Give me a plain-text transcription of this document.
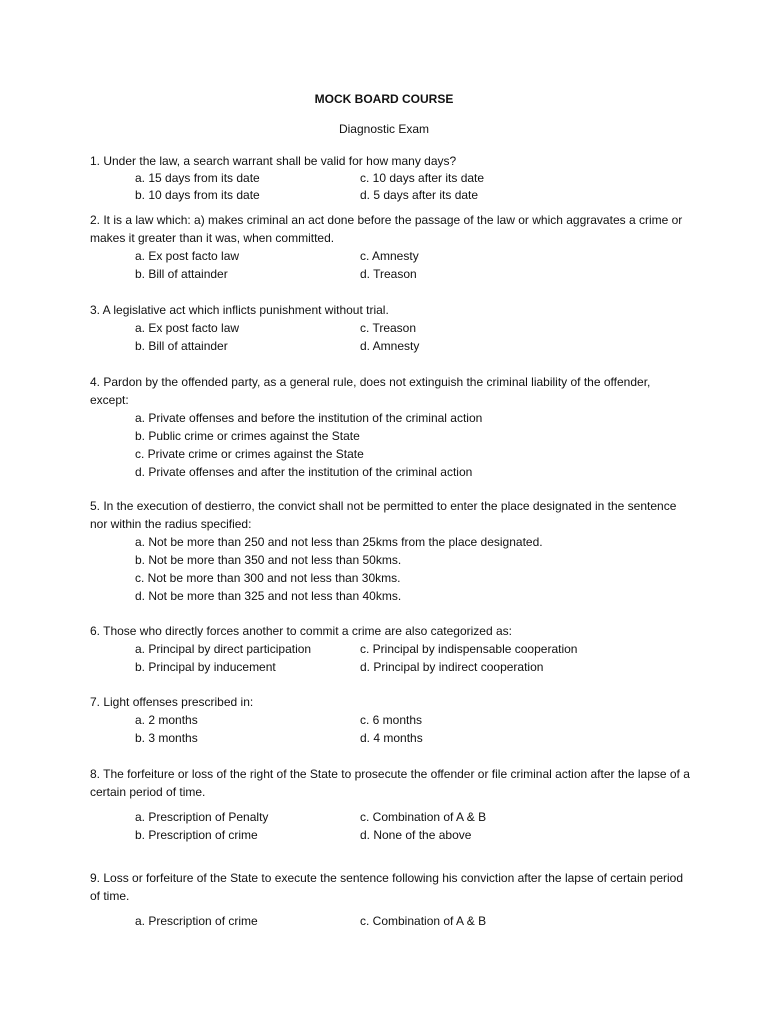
MOCK BOARD COURSE
Diagnostic Exam
1. Under the law, a search warrant shall be valid for how many days?
a. 15 days from its date	c. 10 days after its date
b. 10 days from its date	d. 5 days after its date
2. It is a law which: a) makes criminal an act done before the passage of the law or which aggravates a crime or makes it greater than it was, when committed.
a. Ex post facto law	c. Amnesty
b. Bill of attainder	d. Treason
3. A legislative act which inflicts punishment without trial.
a. Ex post facto law	c. Treason
b. Bill of attainder	d. Amnesty
4. Pardon by the offended party, as a general rule, does not extinguish the criminal liability of the offender, except:
a. Private offenses and before the institution of the criminal action
b. Public crime or crimes against the State
c. Private crime or crimes against the State
d. Private offenses and after the institution of the criminal action
5. In the execution of destierro, the convict shall not be permitted to enter the place designated in the sentence nor within the radius specified:
a. Not be more than 250 and not less than 25kms from the place designated.
b. Not be more than 350 and not less than 50kms.
c. Not be more than 300 and not less than 30kms.
d. Not be more than 325 and not less than 40kms.
6. Those who directly forces another to commit a crime are also categorized as:
a. Principal by direct participation	c. Principal by indispensable cooperation
b. Principal by inducement	d. Principal by indirect cooperation
7. Light offenses prescribed in:
a. 2 months	c. 6 months
b. 3 months	d. 4 months
8. The forfeiture or loss of the right of the State to prosecute the offender or file criminal action after the lapse of a certain period of time.
a. Prescription of Penalty	c. Combination of A & B
b. Prescription of crime	d. None of the above
9. Loss or forfeiture of the State to execute the sentence following his conviction after the lapse of certain period of time.
a. Prescription of crime	c. Combination of A & B
